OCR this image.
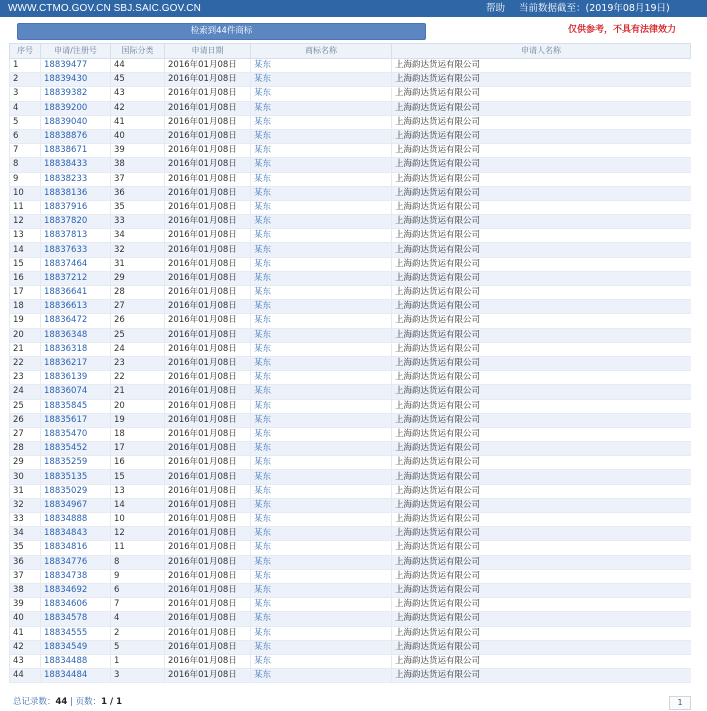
WWW.CTMO.GOV.CN SBJ.SAIC.GOV.CN	帮助 当前数据截至：(2019年08月19日)
检索到44件商标	仅供参考，不具有法律效力
序号	申请/注册号	国际分类	申请日期	商标名称	申请人名称
1	18839477	44	2016年01月08日	某东	上海韵达货运有限公司
2	18839430	45	2016年01月08日	某东	上海韵达货运有限公司
3	18839382	43	2016年01月08日	某东	上海韵达货运有限公司
4	18839200	42	2016年01月08日	某东	上海韵达货运有限公司
5	18839040	41	2016年01月08日	某东	上海韵达货运有限公司
6	18838876	40	2016年01月08日	某东	上海韵达货运有限公司
7	18838671	39	2016年01月08日	某东	上海韵达货运有限公司
8	18838433	38	2016年01月08日	某东	上海韵达货运有限公司
9	18838233	37	2016年01月08日	某东	上海韵达货运有限公司
10	18838136	36	2016年01月08日	某东	上海韵达货运有限公司
11	18837916	35	2016年01月08日	某东	上海韵达货运有限公司
12	18837820	33	2016年01月08日	某东	上海韵达货运有限公司
13	18837813	34	2016年01月08日	某东	上海韵达货运有限公司
14	18837633	32	2016年01月08日	某东	上海韵达货运有限公司
15	18837464	31	2016年01月08日	某东	上海韵达货运有限公司
16	18837212	29	2016年01月08日	某东	上海韵达货运有限公司
17	18836641	28	2016年01月08日	某东	上海韵达货运有限公司
18	18836613	27	2016年01月08日	某东	上海韵达货运有限公司
19	18836472	26	2016年01月08日	某东	上海韵达货运有限公司
20	18836348	25	2016年01月08日	某东	上海韵达货运有限公司
21	18836318	24	2016年01月08日	某东	上海韵达货运有限公司
22	18836217	23	2016年01月08日	某东	上海韵达货运有限公司
23	18836139	22	2016年01月08日	某东	上海韵达货运有限公司
24	18836074	21	2016年01月08日	某东	上海韵达货运有限公司
25	18835845	20	2016年01月08日	某东	上海韵达货运有限公司
26	18835617	19	2016年01月08日	某东	上海韵达货运有限公司
27	18835470	18	2016年01月08日	某东	上海韵达货运有限公司
28	18835452	17	2016年01月08日	某东	上海韵达货运有限公司
29	18835259	16	2016年01月08日	某东	上海韵达货运有限公司
30	18835135	15	2016年01月08日	某东	上海韵达货运有限公司
31	18835029	13	2016年01月08日	某东	上海韵达货运有限公司
32	18834967	14	2016年01月08日	某东	上海韵达货运有限公司
33	18834888	10	2016年01月08日	某东	上海韵达货运有限公司
34	18834843	12	2016年01月08日	某东	上海韵达货运有限公司
35	18834816	11	2016年01月08日	某东	上海韵达货运有限公司
36	18834776	8	2016年01月08日	某东	上海韵达货运有限公司
37	18834738	9	2016年01月08日	某东	上海韵达货运有限公司
38	18834692	6	2016年01月08日	某东	上海韵达货运有限公司
39	18834606	7	2016年01月08日	某东	上海韵达货运有限公司
40	18834578	4	2016年01月08日	某东	上海韵达货运有限公司
41	18834555	2	2016年01月08日	某东	上海韵达货运有限公司
42	18834549	5	2016年01月08日	某东	上海韵达货运有限公司
43	18834488	1	2016年01月08日	某东	上海韵达货运有限公司
44	18834484	3	2016年01月08日	某东	上海韵达货运有限公司
总记录数：44 | 页数：1 / 1	1
